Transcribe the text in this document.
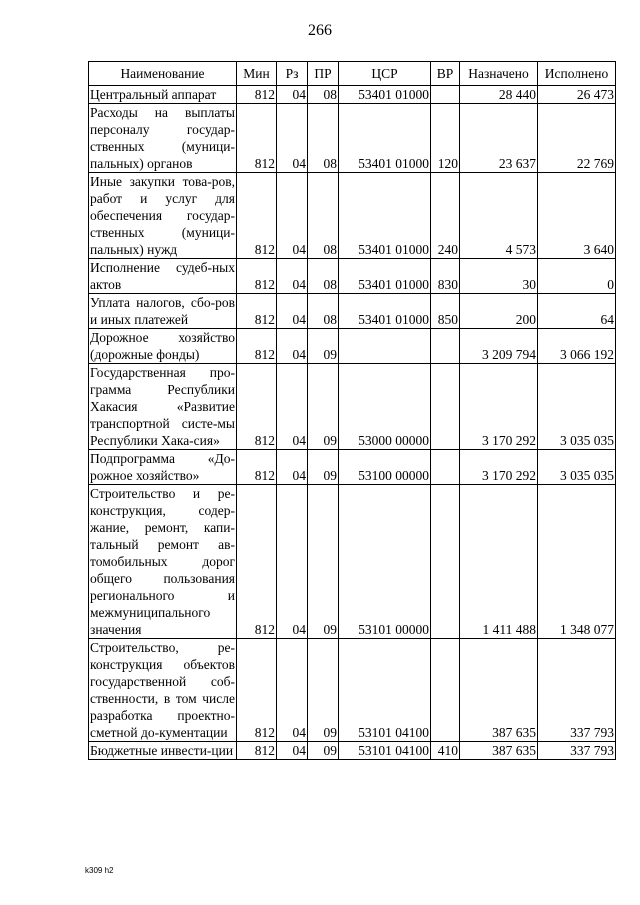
266
Наименование	Мин	Рз	ПР	ЦСР	ВР	Назначено	Исполнено
Центральный аппарат	812	04	08	53401 01000		28 440	26 473
Расходы на выплаты персоналу государ-ственных (муници-пальных) органов	812	04	08	53401 01000	120	23 637	22 769
Иные закупки това-ров, работ и услуг для обеспечения государ-ственных (муници-пальных) нужд	812	04	08	53401 01000	240	4 573	3 640
Исполнение судеб-ных актов	812	04	08	53401 01000	830	30	0
Уплата налогов, сбо-ров и иных платежей	812	04	08	53401 01000	850	200	64
Дорожное хозяйство (дорожные фонды)	812	04	09			3 209 794	3 066 192
Государственная про-грамма Республики Хакасия «Развитие транспортной систе-мы Республики Хака-сия»	812	04	09	53000 00000		3 170 292	3 035 035
Подпрограмма «До-рожное хозяйство»	812	04	09	53100 00000		3 170 292	3 035 035
Строительство и ре-конструкция, содер-жание, ремонт, капи-тальный ремонт ав-томобильных дорог общего пользования регионального и межмуниципального значения	812	04	09	53101 00000		1 411 488	1 348 077
Строительство, ре-конструкция объектов государственной соб-ственности, в том числе разработка проектно-сметной до-кументации	812	04	09	53101 04100		387 635	337 793
Бюджетные инвести-ции	812	04	09	53101 04100	410	387 635	337 793
k309 h2
